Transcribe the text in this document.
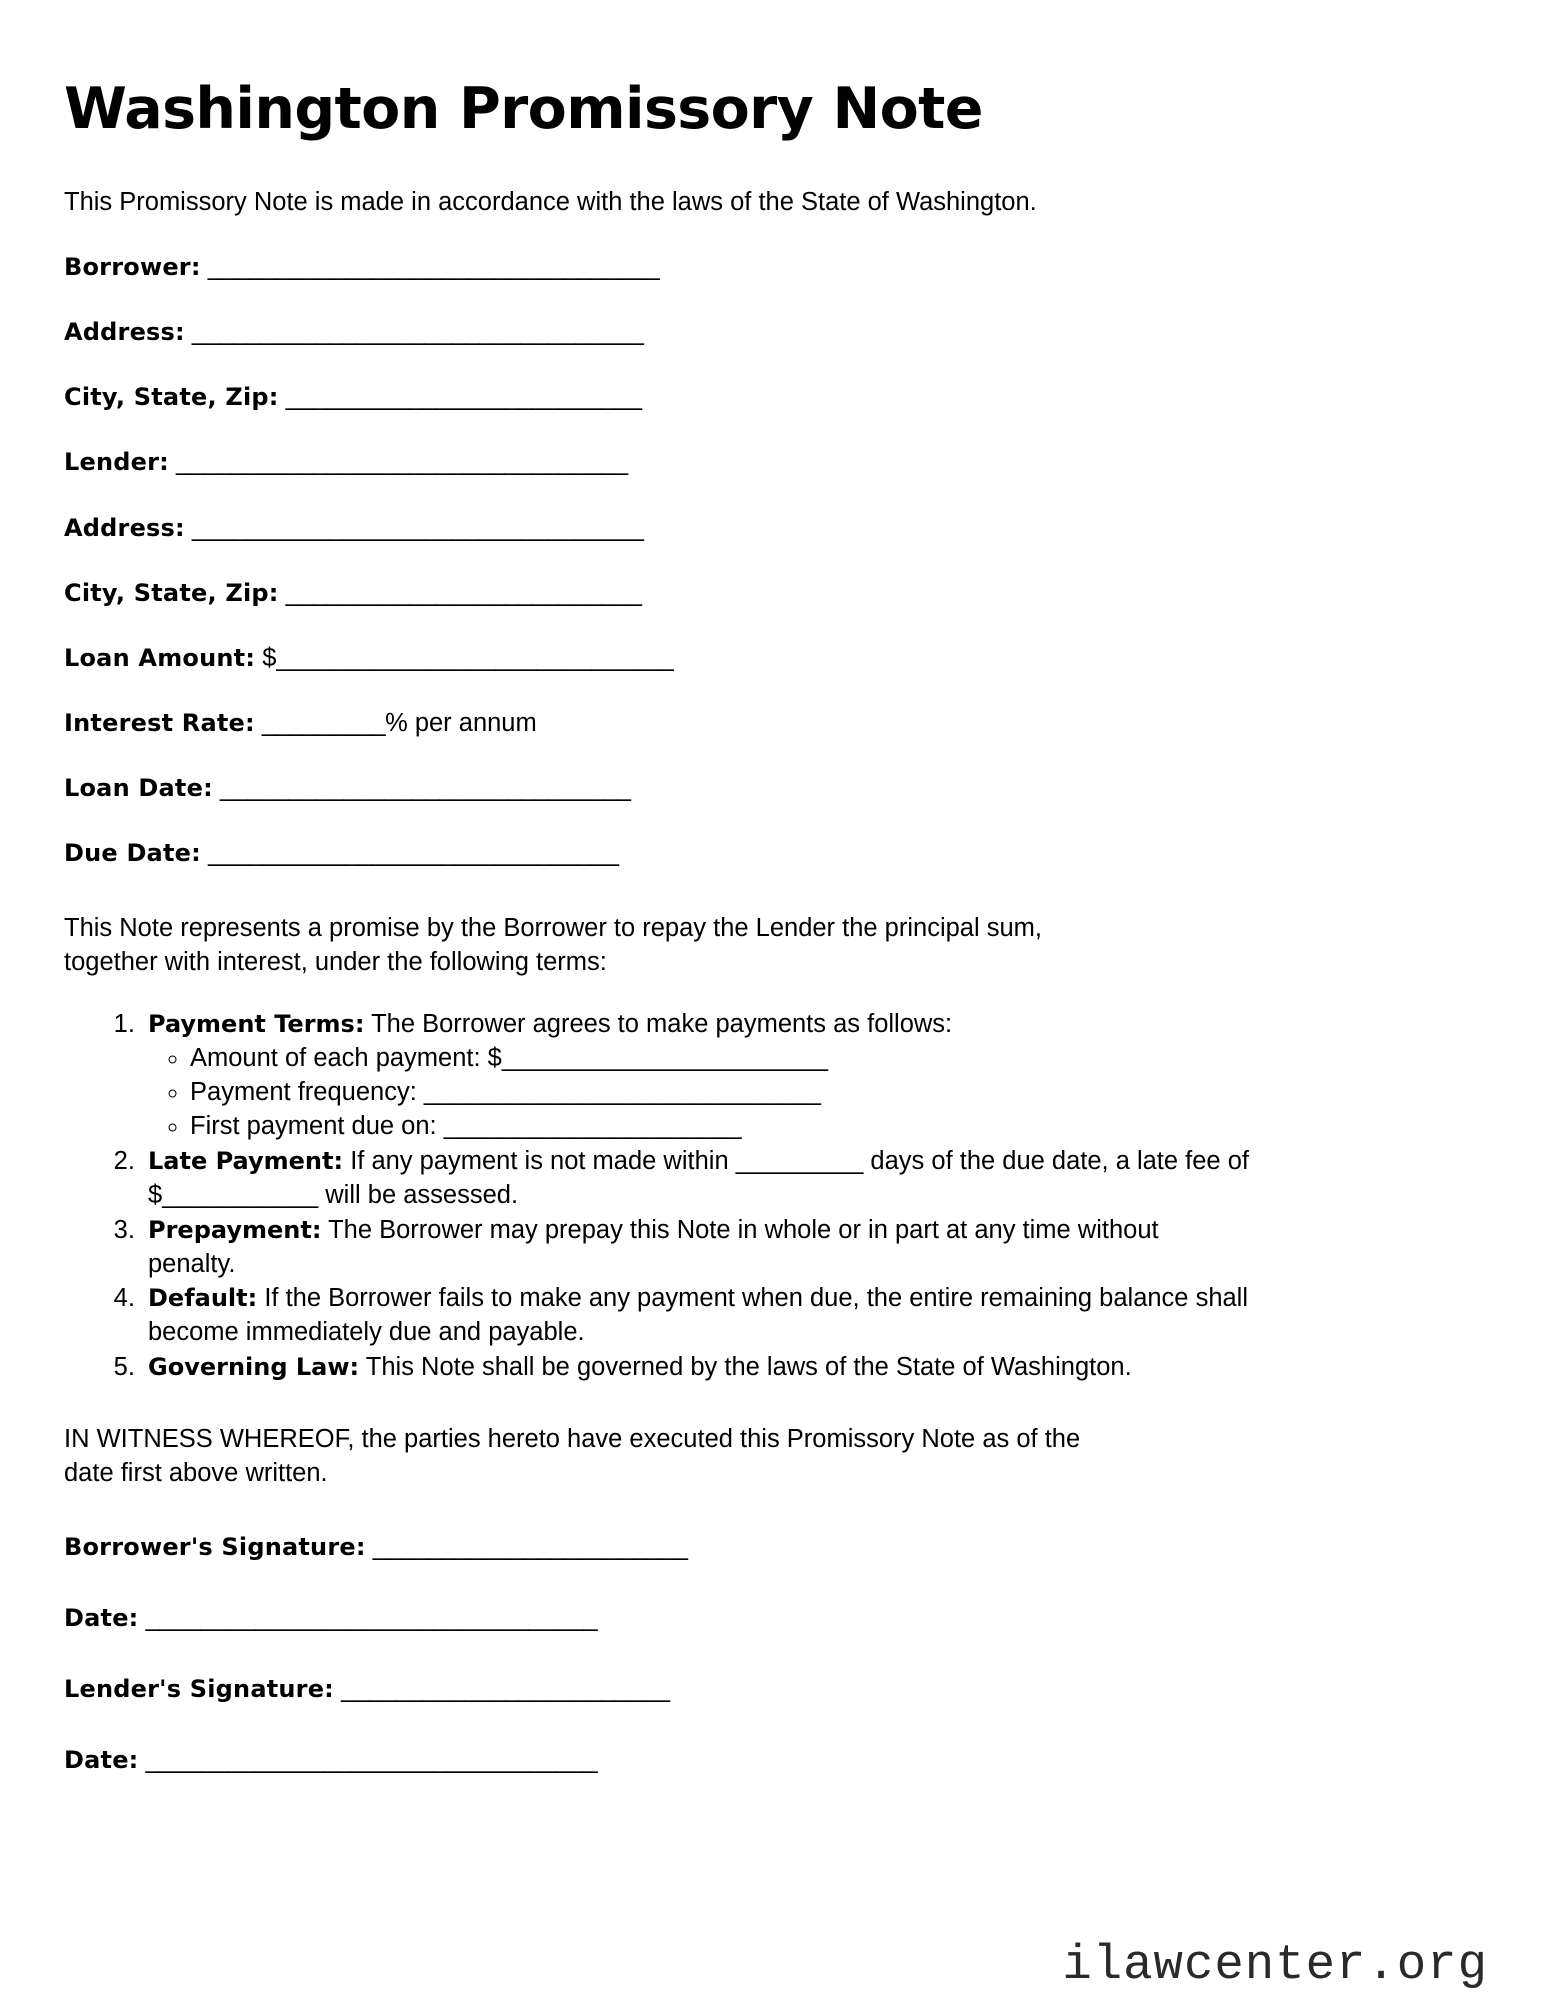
Washington Promissory Note

This Promissory Note is made in accordance with the laws of the State of Washington.

Borrower: _________________________________
Address: _________________________________
City, State, Zip: __________________________
Lender: _________________________________
Address: _________________________________
City, State, Zip: __________________________
Loan Amount: $_____________________________
Interest Rate: _________% per annum
Loan Date: ______________________________
Due Date: ______________________________

This Note represents a promise by the Borrower to repay the Lender the principal sum, together with interest, under the following terms:

1. Payment Terms: The Borrower agrees to make payments as follows:
◦ Amount of each payment: $_______________________
◦ Payment frequency: ____________________________
◦ First payment due on: _____________________
2. Late Payment: If any payment is not made within _________ days of the due date, a late fee of $___________ will be assessed.
3. Prepayment: The Borrower may prepay this Note in whole or in part at any time without penalty.
4. Default: If the Borrower fails to make any payment when due, the entire remaining balance shall become immediately due and payable.
5. Governing Law: This Note shall be governed by the laws of the State of Washington.

IN WITNESS WHEREOF, the parties hereto have executed this Promissory Note as of the date first above written.

Borrower's Signature: _______________________
Date: _________________________________
Lender's Signature: ________________________
Date: _________________________________
ilawcenter.org
